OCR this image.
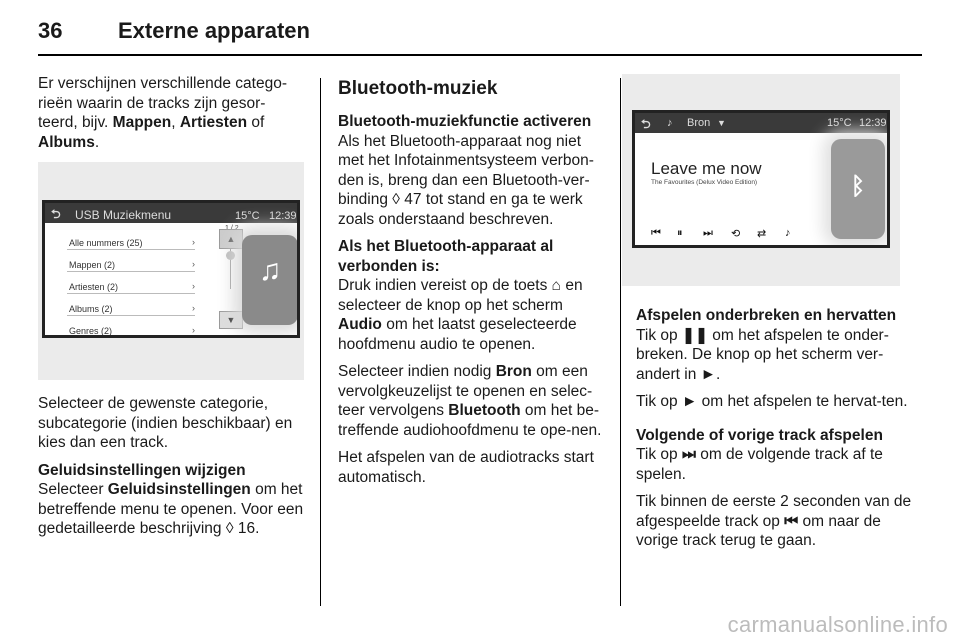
36	Externe apparaten

Er verschijnen verschillende catego-rieën waarin de tracks zijn gesor-teerd, bijv. Mappen, Artiesten of Albums.

⮌ USB Muziekmenu	15°C 12:39
Alle nummers (25)	›
Mappen (2)	›
Artiesten (2)	›
Albums (2)	›
Genres (2)	›
▲
▼
♫

Selecteer de gewenste categorie, subcategorie (indien beschikbaar) en kies dan een track.

Geluidsinstellingen wijzigen

Selecteer Geluidsinstellingen om het betreffende menu te openen. Voor een gedetailleerde beschrijving ◊ 16.

Bluetooth-muziek
Bluetooth-muziekfunctie activeren

Als het Bluetooth-apparaat nog niet met het Infotainmentsysteem verbon-den is, breng dan een Bluetooth-ver-binding ◊ 47 tot stand en ga te werk zoals onderstaand beschreven.

Als het Bluetooth-apparaat al verbonden is:

Druk indien vereist op de toets ⌂ en selecteer de knop op het scherm Audio om het laatst geselecteerde hoofdmenu audio te openen.

Selecteer indien nodig Bron om een vervolgkeuzelijst te openen en selec-teer vervolgens Bluetooth om het be-treffende audiohoofdmenu te ope-nen.

Het afspelen van de audiotracks start automatisch.

⮌ ♪ Bron ▼	15°C 12:39
Leave me now
The Favourites (Delux Video Edition)
⏮ ⏸ ⏭ ⟲ ⇄ ♪
ᛒ
Afspelen onderbreken en hervatten

Tik op ❚❚ om het afspelen te onder-breken. De knop op het scherm ver-andert in ►.

Tik op ► om het afspelen te hervat-ten.

Volgende of vorige track afspelen

Tik op ⏭ om de volgende track af te spelen.

Tik binnen de eerste 2 seconden van de afgespeelde track op ⏮ om naar de vorige track terug te gaan.

carmanualsonline.info
